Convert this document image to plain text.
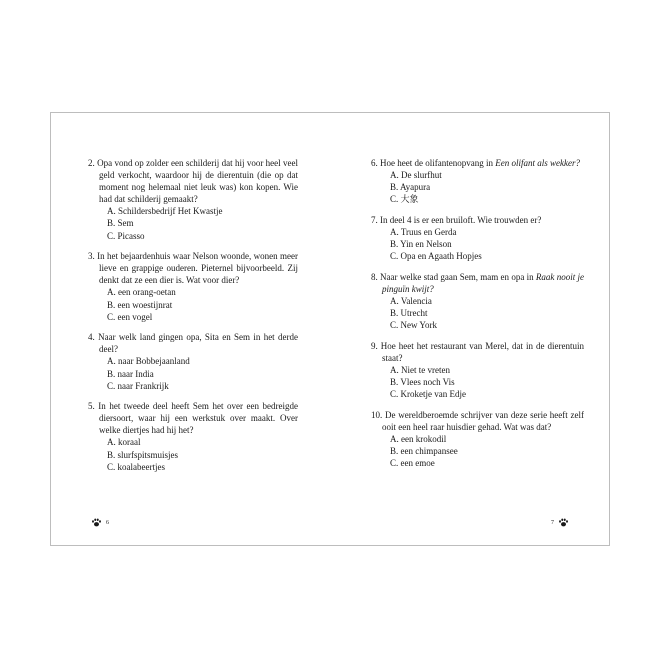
2. Opa vond op zolder een schilderij dat hij voor heel veel geld verkocht, waardoor hij de dierentuin (die op dat moment nog helemaal niet leuk was) kon kopen. Wie had dat schilderij gemaakt?
A. Schildersbedrijf Het Kwastje
B. Sem
C. Picasso
3. In het bejaardenhuis waar Nelson woonde, wonen meer lieve en grappige ouderen. Pieternel bijvoorbeeld. Zij denkt dat ze een dier is. Wat voor dier?
A. een orang-oetan
B. een woestijnrat
C. een vogel
4. Naar welk land gingen opa, Sita en Sem in het derde deel?
A. naar Bobbejaanland
B. naar India
C. naar Frankrijk
5. In het tweede deel heeft Sem het over een bedreigde diersoort, waar hij een werkstuk over maakt. Over welke diertjes had hij het?
A. koraal
B. slurfspitsmuisjes
C. koalabeertjes
6. Hoe heet de olifantenopvang in Een olifant als wekker?
A. De slurfhut
B. Ayapura
C. 大象
7. In deel 4 is er een bruiloft. Wie trouwden er?
A. Truus en Gerda
B. Yin en Nelson
C. Opa en Agaath Hopjes
8. Naar welke stad gaan Sem, mam en opa in Raak nooit je pinguïn kwijt?
A. Valencia
B. Utrecht
C. New York
9. Hoe heet het restaurant van Merel, dat in de dierentuin staat?
A. Niet te vreten
B. Vlees noch Vis
C. Kroketje van Edje
10. De wereldberoemde schrijver van deze serie heeft zelf ooit een heel raar huisdier gehad. Wat was dat?
A. een krokodil
B. een chimpansee
C. een emoe
6	7
